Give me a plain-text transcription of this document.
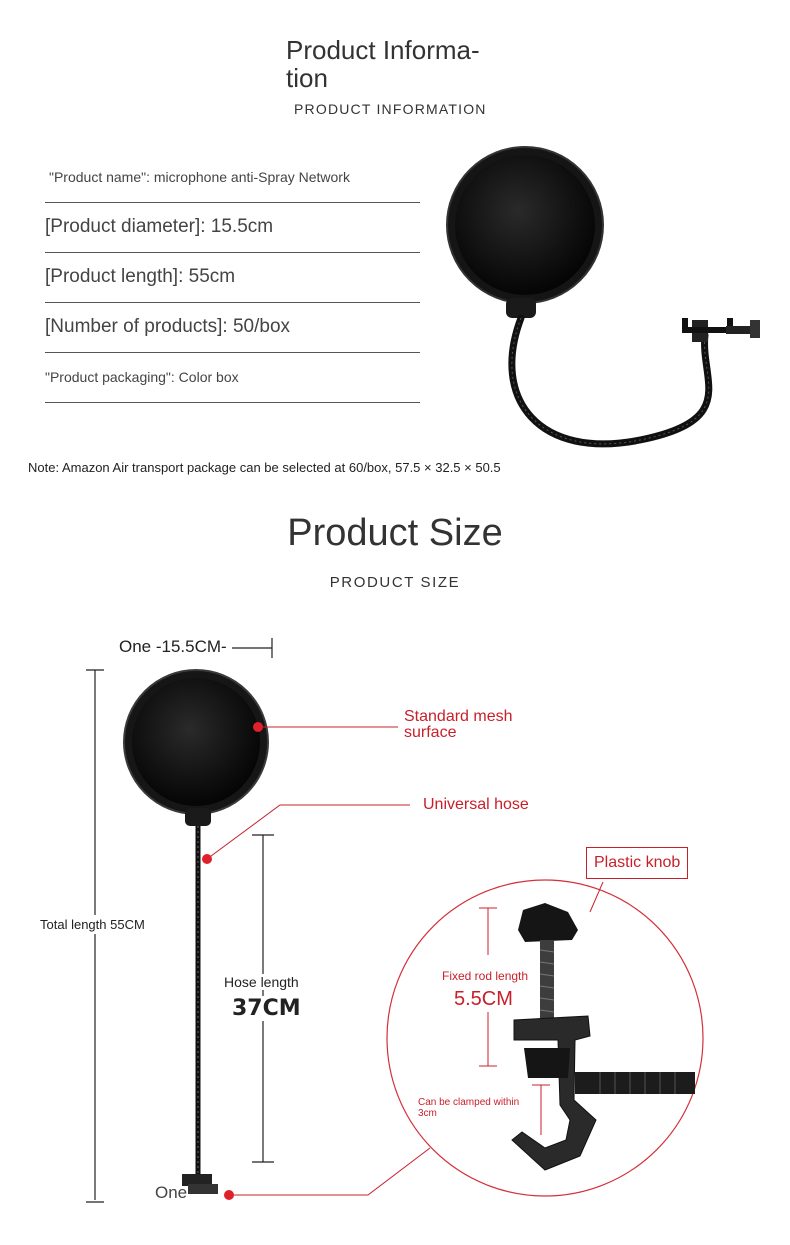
Product Informa-
tion
PRODUCT INFORMATION
"Product name": microphone anti-Spray Network
[Product diameter]: 15.5cm
[Product length]: 55cm
[Number of products]: 50/box
"Product packaging": Color box
Note: Amazon Air transport package can be selected at 60/box, 57.5 × 32.5 × 50.5
Product Size
PRODUCT SIZE
One -15.5CM-
Standard mesh
surface
Universal hose
Total length 55CM
Hose length
37CM
One
Plastic knob
Fixed rod length
5.5CM
Can be clamped within 3cm
